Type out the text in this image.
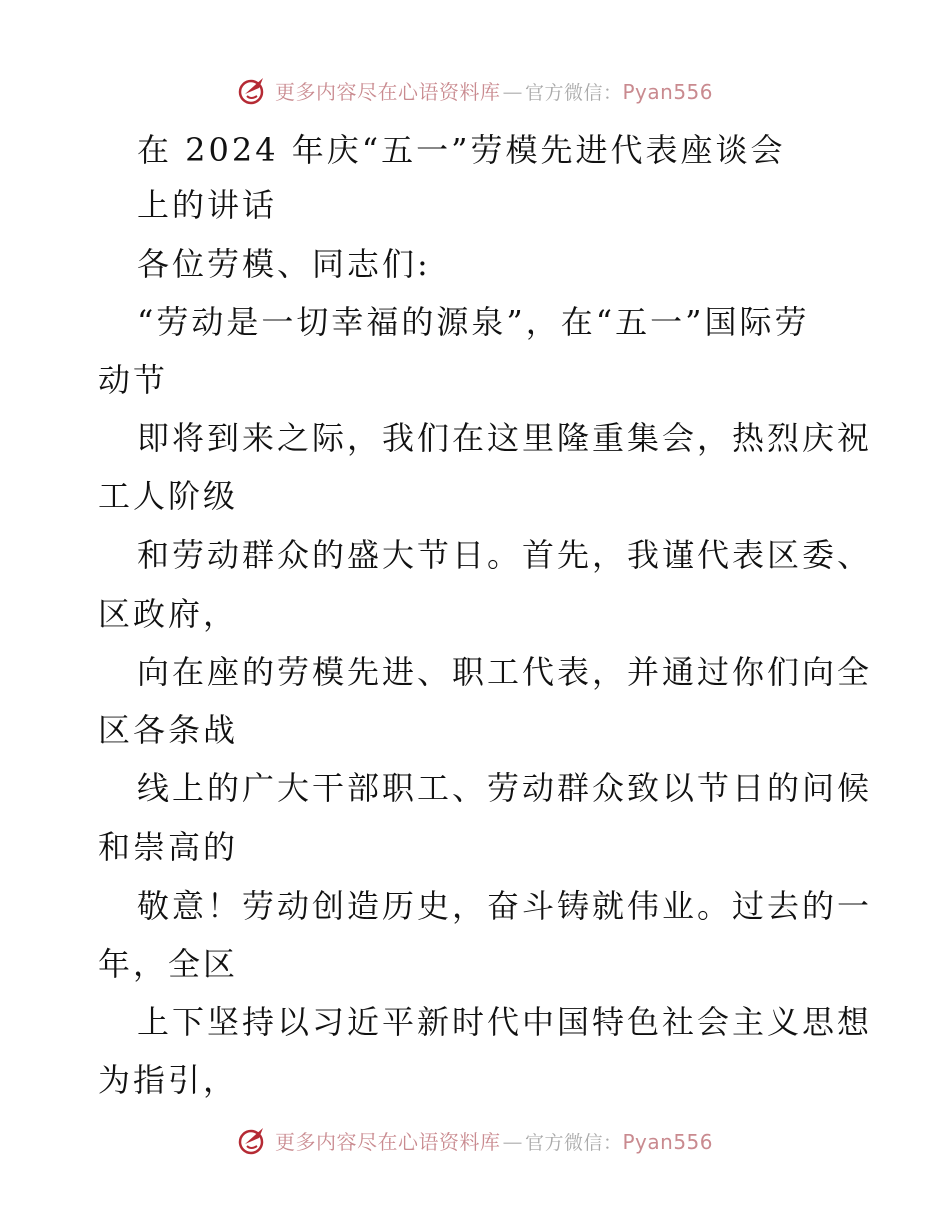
更多内容尽在心语资料库 — 官方微信：Pyan556
在 2024 年庆“五一”劳模先进代表座谈会
上的讲话
各位劳模、同志们:
“劳动是一切幸福的源泉”，在“五一”国际劳
动节
即将到来之际，我们在这里隆重集会，热烈庆祝
工人阶级
和劳动群众的盛大节日。首先，我谨代表区委、
区政府，
向在座的劳模先进、职工代表，并通过你们向全
区各条战
线上的广大干部职工、劳动群众致以节日的问候
和崇高的
敬意！劳动创造历史，奋斗铸就伟业。过去的一
年，全区
上下坚持以习近平新时代中国特色社会主义思想
为指引，
更多内容尽在心语资料库 — 官方微信：Pyan556
